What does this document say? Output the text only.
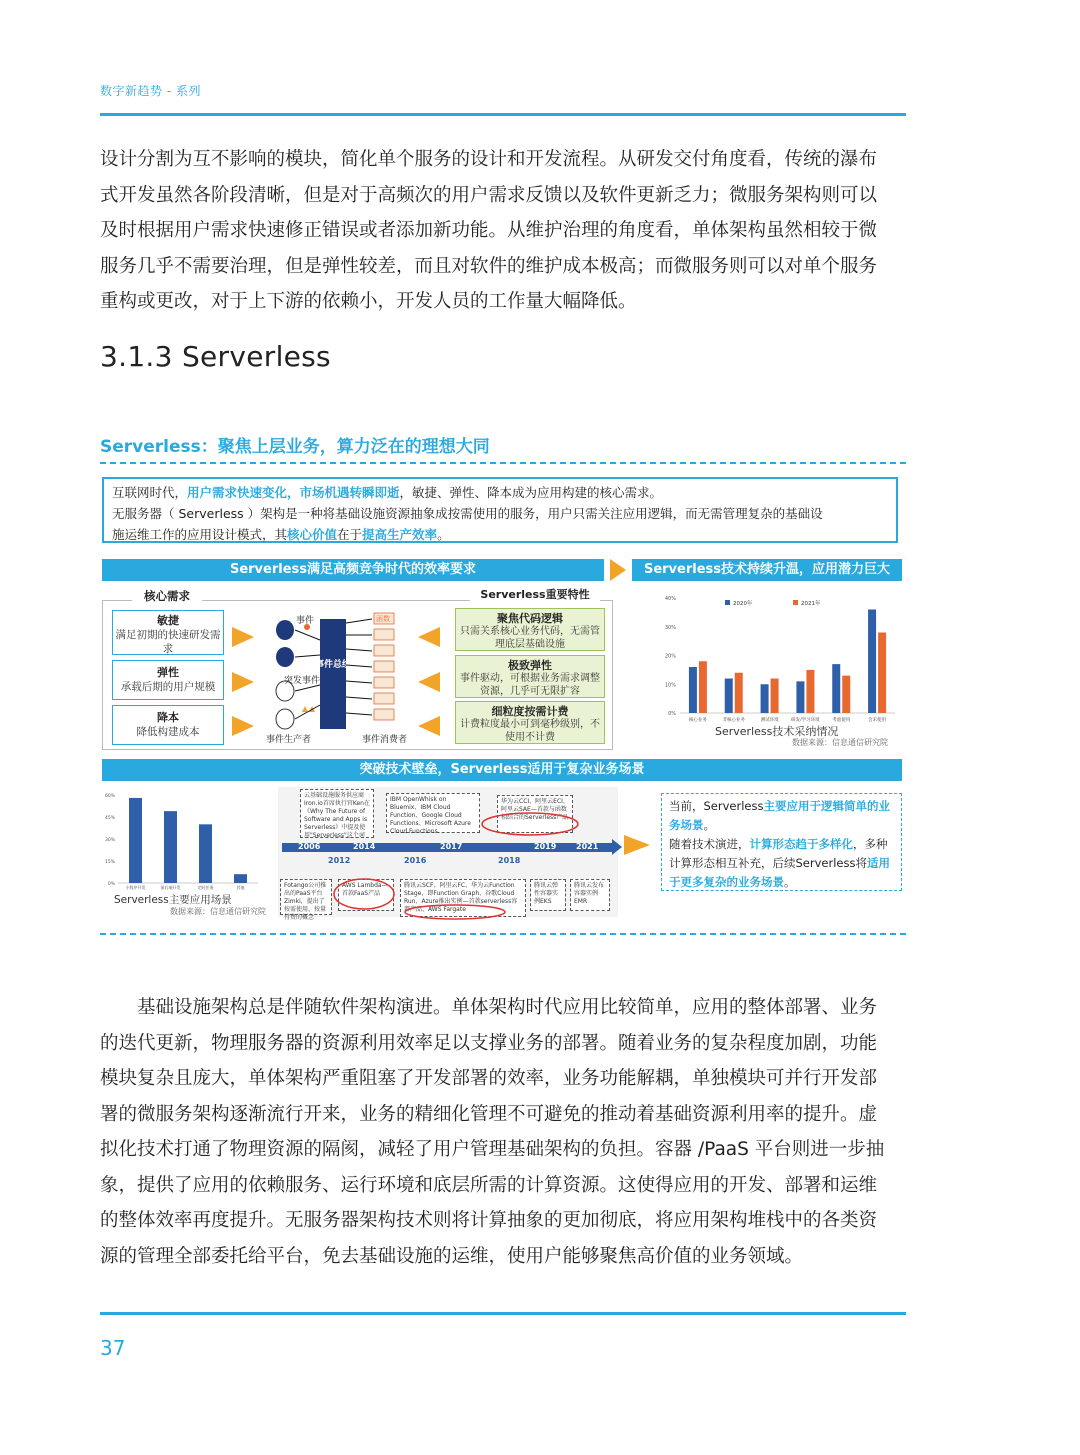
数字新趋势 - 系列

设计分割为互不影响的模块，简化单个服务的设计和开发流程。从研发交付角度看，传统的瀑布

式开发虽然各阶段清晰，但是对于高频次的用户需求反馈以及软件更新乏力；微服务架构则可以

及时根据用户需求快速修正错误或者添加新功能。从维护治理的角度看，单体架构虽然相较于微

服务几乎不需要治理，但是弹性较差，而且对软件的维护成本极高；而微服务则可以对单个服务

重构或更改，对于上下游的依赖小，开发人员的工作量大幅降低。

3.1.3 Serverless
Serverless：聚焦上层业务，算力泛在的理想大同
互联网时代，用户需求快速变化，市场机遇转瞬即逝，敏捷、弹性、降本成为应用构建的核心需求。
无服务器（ Serverless ）架构是一种将基础设施资源抽象成按需使用的服务，用户只需关注应用逻辑，而无需管理复杂的基础设
施运维工作的应用设计模式，其核心价值在于提高生产效率。
Serverless满足高频竞争时代的效率要求	Serverless技术持续升温，应用潜力巨大
核心需求
敏捷
满足初期的快速研发需求
弹性
承载后期的用户规模
降本
降低构建成本
事件总线
事件
突发事件
事件生产者	事件消费者
函数
Serverless重要特性
聚焦代码逻辑
只需关系核心业务代码，无需管理底层基础设施
极致弹性
事件驱动，可根据业务需求调整资源，几乎可无限扩容
细粒度按需计费
计费粒度最小可到毫秒级别，不使用不计费
0%
10%
20%
30%
40%
核心业务	非核心业务	测试环境	研发/学习环境	考虑使用	会未使用
2020年	2021年
Serverless技术采纳情况
数据来源：信息通信研究院
突破技术壁垒，Serverless适用于复杂业务场景
0%
15%
30%
45%
60%
小程序开发	前后端开发	定时任务	其他
Serverless主要应用场景
数据来源：信息通信研究院
2006
2012
2014
2016
2017
2018
2019 2021
云基础设施服务供应商Iron.io首席执行官Ken在《Why The Future of Software and Apps is Serverless》中提及使用"Serverless"这个词
IBM OpenWhisk on Bluemix、IBM Cloud Function、Google Cloud Functions、Microsoft Azure Cloud Functions
华为云CCI、阿里云ECI、阿里云SAE—首款与函数相结合的Serverless产品
Fotango公司推出的PaaS平台Zimki，提出了按需使用、按量付费的概念
AWS Lambda—首款FaaS产品
腾讯云SCF、阿里云FC、华为云Function Stage，即Function Graph、谷歌Cloud Run、Azure推出实例—首款serverless容器产品、AWS Fargate
腾讯云弹性容器实例EKS
腾讯云发布容器实例EMR
当前，Serverless主要应用于逻辑简单的业务场景。
随着技术演进，计算形态趋于多样化，多种计算形态相互补充，后续Serverless将适用于更多复杂的业务场景。

基础设施架构总是伴随软件架构演进。单体架构时代应用比较简单，应用的整体部署、业务

的迭代更新，物理服务器的资源利用效率足以支撑业务的部署。随着业务的复杂程度加剧，功能

模块复杂且庞大，单体架构严重阻塞了开发部署的效率，业务功能解耦，单独模块可并行开发部

署的微服务架构逐渐流行开来，业务的精细化管理不可避免的推动着基础资源利用率的提升。虚

拟化技术打通了物理资源的隔阂，减轻了用户管理基础架构的负担。容器 /PaaS 平台则进一步抽

象，提供了应用的依赖服务、运行环境和底层所需的计算资源。这使得应用的开发、部署和运维

的整体效率再度提升。无服务器架构技术则将计算抽象的更加彻底，将应用架构堆栈中的各类资

源的管理全部委托给平台，免去基础设施的运维，使用户能够聚焦高价值的业务领域。

37
